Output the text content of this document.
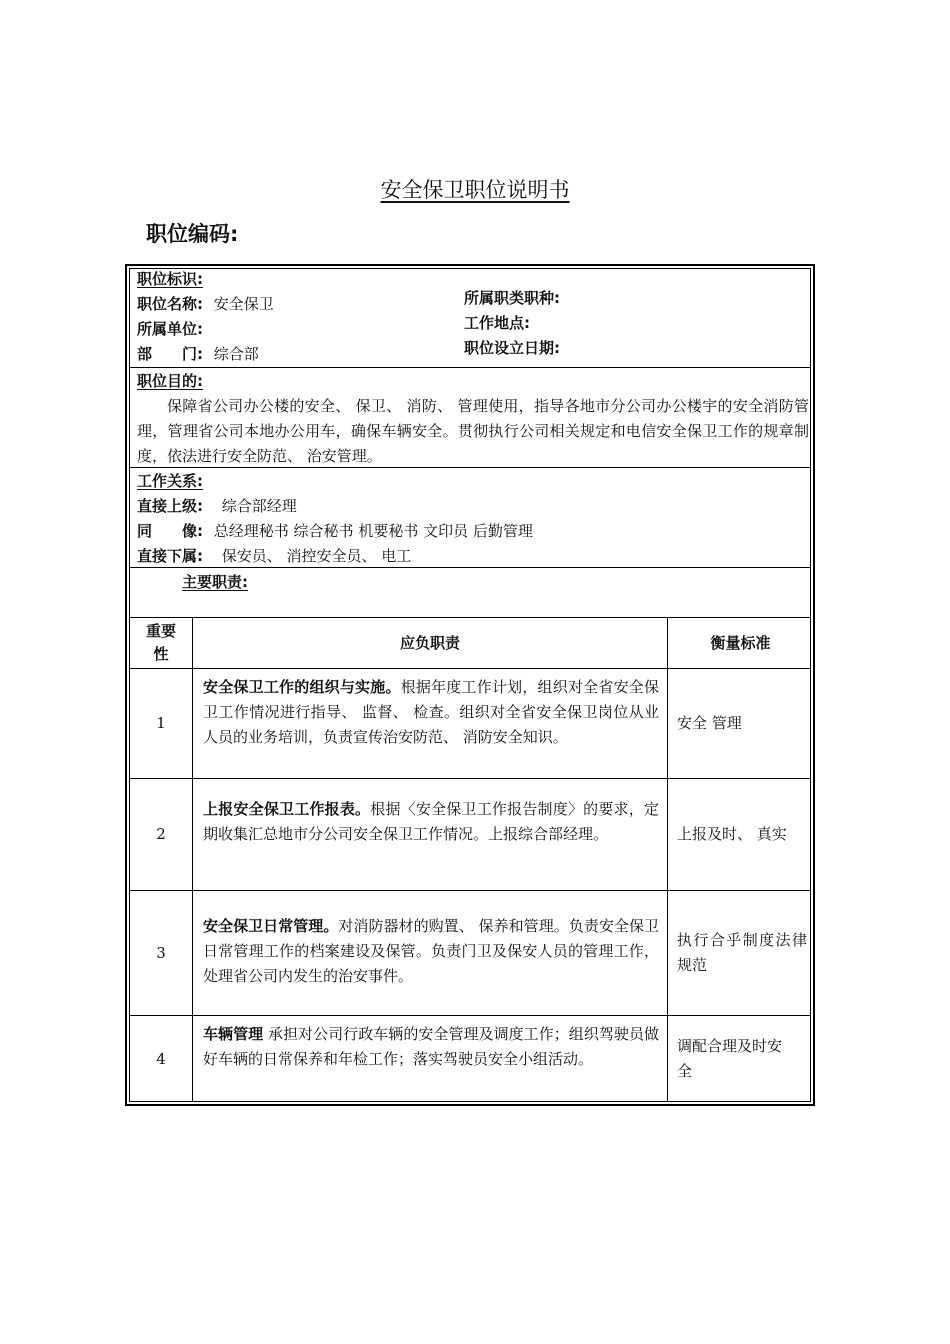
安全保卫职位说明书
职位编码:
职位标识:
职位名称: 安全保卫
所属单位:
部　　门: 综合部
所属职类职种:
工作地点:
职位设立日期:
职位目的:
保障省公司办公楼的安全、 保卫、 消防、 管理使用，指导各地市分公司办公楼宇的安全消防管理，管理省公司本地办公用车，确保车辆安全。贯彻执行公司相关规定和电信安全保卫工作的规章制度，依法进行安全防范、 治安管理。
工作关系:
直接上级: 综合部经理
同　　像: 总经理秘书 综合秘书 机要秘书 文印员 后勤管理
直接下属: 保安员、 消控安全员、 电工
主要职责:
重要性
应负职责	衡量标准
1
安全保卫工作的组织与实施。根据年度工作计划，组织对全省安全保卫工作情况进行指导、 监督、 检查。组织对全省安全保卫岗位从业人员的业务培训，负责宣传治安防范、 消防安全知识。
安全 管理
2
上报安全保卫工作报表。根据〈安全保卫工作报告制度〉的要求，定期收集汇总地市分公司安全保卫工作情况。上报综合部经理。	上报及时、 真实
3
安全保卫日常管理。对消防器材的购置、 保养和管理。负责安全保卫日常管理工作的档案建设及保管。负责门卫及保安人员的管理工作，处理省公司内发生的治安事件。
执行合乎制度法律规范
4
车辆管理 承担对公司行政车辆的安全管理及调度工作；组织驾驶员做好车辆的日常保养和年检工作；落实驾驶员安全小组活动。
调配合理及时安全
